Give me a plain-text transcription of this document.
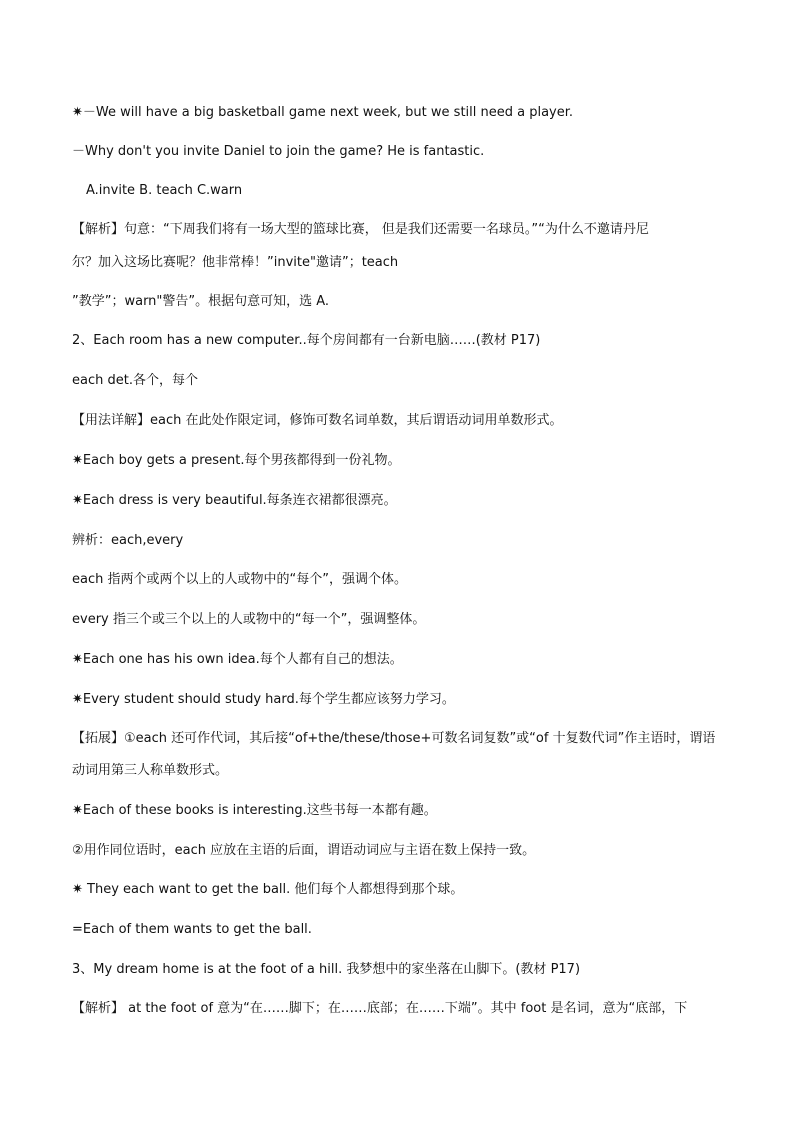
✷－We will have a big basketball game next week, but we still need a player.
－Why don't you invite Daniel to join the game? He is fantastic.
A.invite B. teach C.warn
【解析】句意：“下周我们将有一场大型的篮球比赛， 但是我们还需要一名球员。”“为什么不邀请丹尼
尔？加入这场比赛呢？他非常棒！”invite"邀请”；teach
”教学”；warn"警告”。根据句意可知，选 A.
2、Each room has a new computer..每个房间都有一台新电脑……(教材 P17)
each det.各个，每个
【用法详解】each 在此处作限定词，修饰可数名词单数，其后谓语动词用单数形式。
✷Each boy gets a present.每个男孩都得到一份礼物。
✷Each dress is very beautiful.每条连衣裙都很漂亮。
辨析：each,every
each 指两个或两个以上的人或物中的“每个”，强调个体。
every 指三个或三个以上的人或物中的“每一个”，强调整体。
✷Each one has his own idea.每个人都有自己的想法。
✷Every student should study hard.每个学生都应该努力学习。
【拓展】①each 还可作代词，其后接“of+the/these/those+可数名词复数”或“of 十复数代词”作主语时，谓语
动词用第三人称单数形式。
✷Each of these books is interesting.这些书每一本都有趣。
②用作同位语时，each 应放在主语的后面，谓语动词应与主语在数上保持一致。
✷ They each want to get the ball. 他们每个人都想得到那个球。
=Each of them wants to get the ball.
3、My dream home is at the foot of a hill. 我梦想中的家坐落在山脚下。(教材 P17)
【解析】 at the foot of 意为“在……脚下；在……底部；在……下端”。其中 foot 是名词，意为“底部，下
